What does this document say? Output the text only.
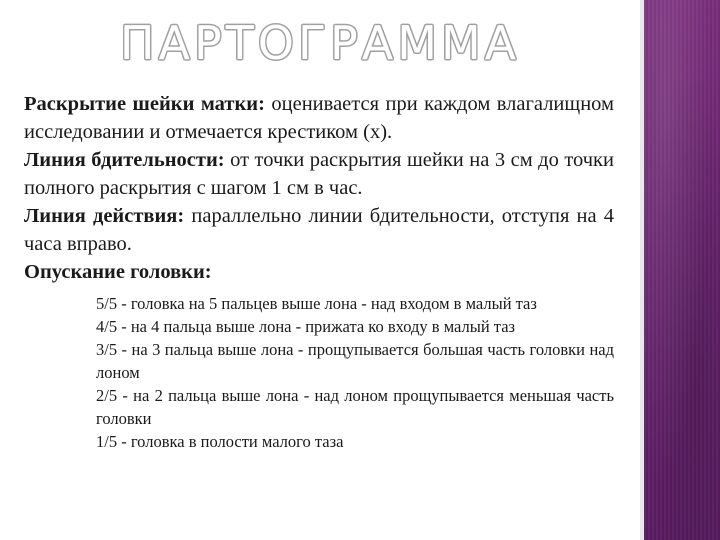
ПАРТОГРАММА

Раскрытие шейки матки: оценивается при каждом влагалищном исследовании и отмечается крестиком (х).

Линия бдительности: от точки раскрытия шейки на 3 см до точки полного раскрытия с шагом 1 см в час.

Линия действия: параллельно линии бдительности, отступя на 4 часа вправо.

Опускание головки:

5/5 - головка на 5 пальцев выше лона - над входом в малый таз

4/5 - на 4 пальца выше лона - прижата ко входу в малый таз

3/5 - на 3 пальца выше лона - прощупывается большая часть головки над лоном

2/5 - на 2 пальца выше лона - над лоном прощупывается меньшая часть головки

1/5 - головка в полости малого таза
